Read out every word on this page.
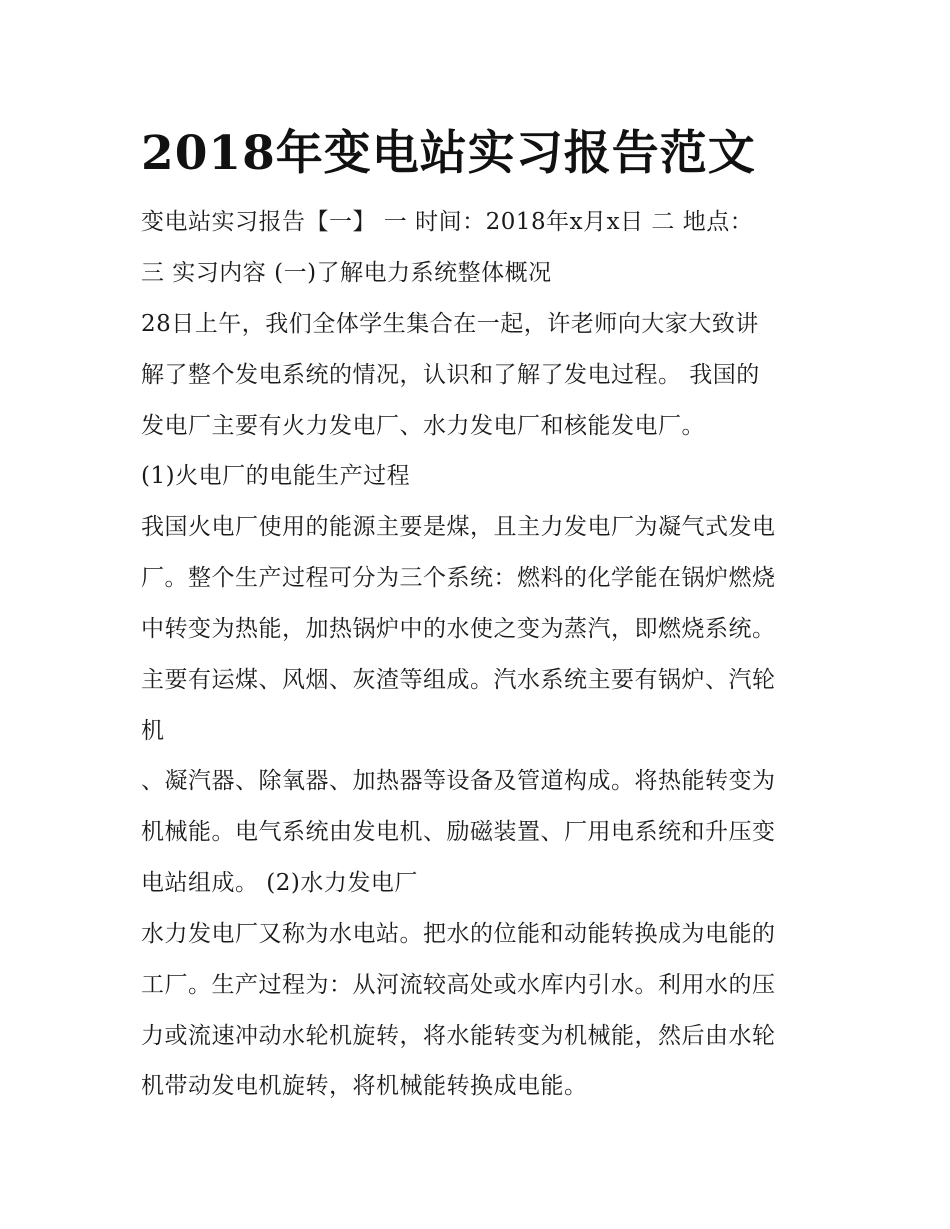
2018年变电站实习报告范文
变电站实习报告【一】 一 时间：2018年x月x日 二 地点：
三 实习内容 (一)了解电力系统整体概况
28日上午，我们全体学生集合在一起，许老师向大家大致讲
解了整个发电系统的情况，认识和了解了发电过程。 我国的
发电厂主要有火力发电厂、水力发电厂和核能发电厂。
(1)火电厂的电能生产过程
我国火电厂使用的能源主要是煤，且主力发电厂为凝气式发电
厂。整个生产过程可分为三个系统：燃料的化学能在锅炉燃烧
中转变为热能，加热锅炉中的水使之变为蒸汽，即燃烧系统。
主要有运煤、风烟、灰渣等组成。汽水系统主要有锅炉、汽轮
机
、凝汽器、除氧器、加热器等设备及管道构成。将热能转变为
机械能。电气系统由发电机、励磁装置、厂用电系统和升压变
电站组成。 (2)水力发电厂
水力发电厂又称为水电站。把水的位能和动能转换成为电能的
工厂。生产过程为：从河流较高处或水库内引水。利用水的压
力或流速冲动水轮机旋转，将水能转变为机械能，然后由水轮
机带动发电机旋转，将机械能转换成电能。
